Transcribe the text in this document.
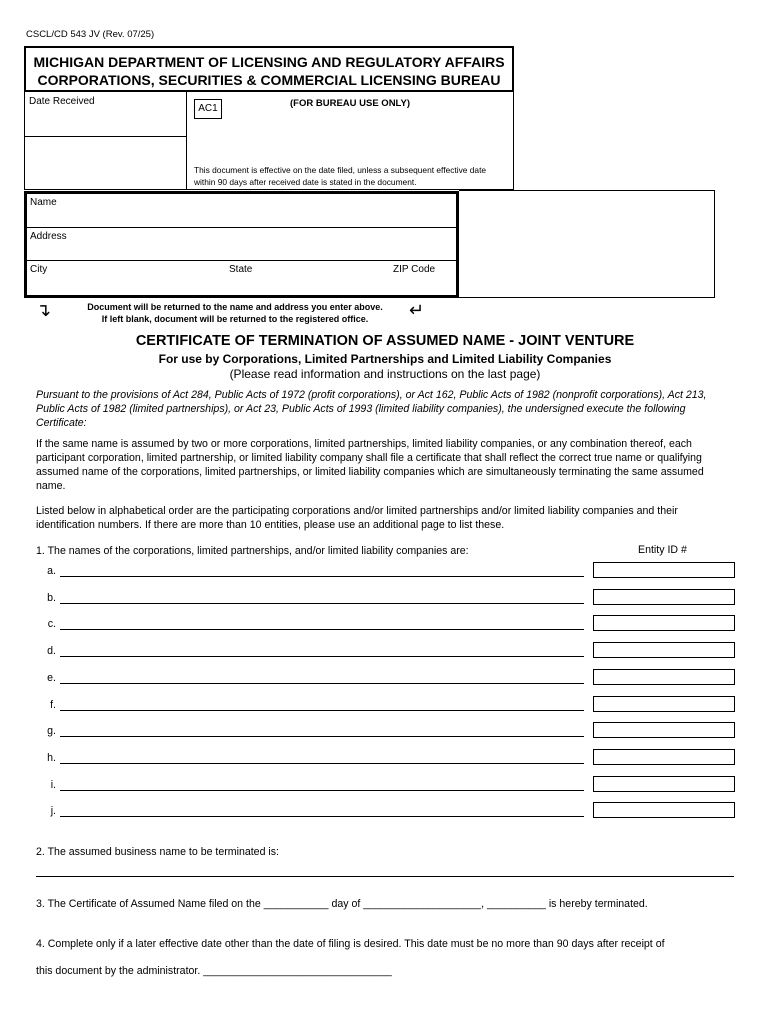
CSCL/CD 543 JV (Rev. 07/25)
MICHIGAN DEPARTMENT OF LICENSING AND REGULATORY AFFAIRS
CORPORATIONS, SECURITIES & COMMERCIAL LICENSING BUREAU
Date Received
AC1	(FOR BUREAU USE ONLY)
This document is effective on the date filed, unless a subsequent effective date within 90 days after received date is stated in the document.
Name
Address
City	State	ZIP Code
↴	Document will be returned to the name and address you enter above.
If left blank, document will be returned to the registered office.	↵
CERTIFICATE OF TERMINATION OF ASSUMED NAME - JOINT VENTURE
For use by Corporations, Limited Partnerships and Limited Liability Companies
(Please read information and instructions on the last page)
Pursuant to the provisions of Act 284, Public Acts of 1972 (profit corporations), or Act 162, Public Acts of 1982 (nonprofit corporations), Act 213, Public Acts of 1982 (limited partnerships), or Act 23, Public Acts of 1993 (limited liability companies), the undersigned execute the following Certificate:
If the same name is assumed by two or more corporations, limited partnerships, limited liability companies, or any combination thereof, each participant corporation, limited partnership, or limited liability company shall file a certificate that shall reflect the correct true name or qualifying assumed name of the corporations, limited partnerships, or limited liability companies which are simultaneously terminating the same assumed name.
Listed below in alphabetical order are the participating corporations and/or limited partnerships and/or limited liability companies and their identification numbers. If there are more than 10 entities, please use an additional page to list these.
1. The names of the corporations, limited partnerships, and/or limited liability companies are:	Entity ID #
a.
b.
c.
d.
e.
f.
g.
h.
i.
j.
2. The assumed business name to be terminated is:
3. The Certificate of Assumed Name filed on the ___________ day of ____________________, __________ is hereby terminated.
4. Complete only if a later effective date other than the date of filing is desired. This date must be no more than 90 days after receipt of
this document by the administrator. ________________________________
